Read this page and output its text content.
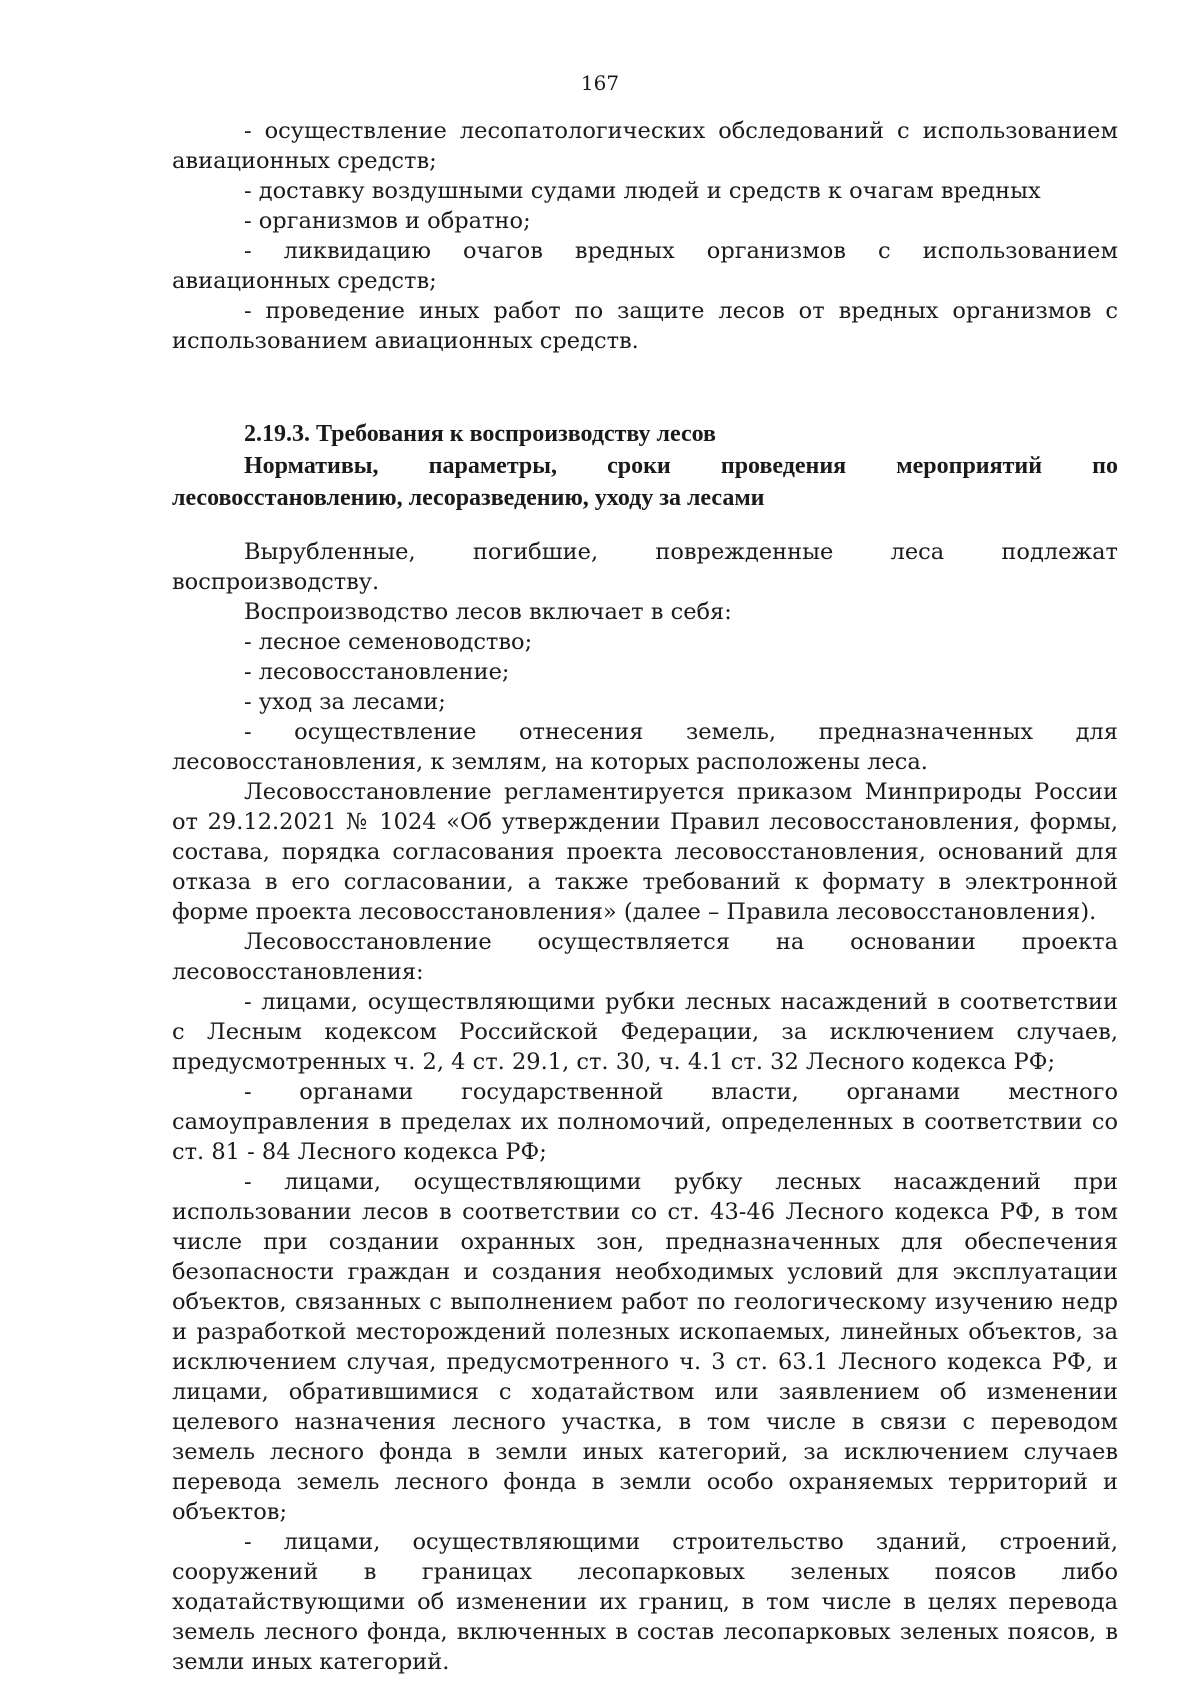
167

- осуществление лесопатологических обследований с использованием авиационных средств;

- доставку воздушными судами людей и средств к очагам вредных

- организмов и обратно;

- ликвидацию очагов вредных организмов с использованием авиационных средств;

- проведение иных работ по защите лесов от вредных организмов с использованием авиационных средств.

2.19.3. Требования к воспроизводству лесов

Нормативы, параметры, сроки проведения мероприятий по лесовосстановлению, лесоразведению, уходу за лесами

Вырубленные, погибшие, поврежденные леса подлежат воспроизводству.

Воспроизводство лесов включает в себя:

- лесное семеноводство;

- лесовосстановление;

- уход за лесами;

- осуществление отнесения земель, предназначенных для лесовосстановления, к землям, на которых расположены леса.

Лесовосстановление регламентируется приказом Минприроды России от 29.12.2021 № 1024 «Об утверждении Правил лесовосстановления, формы, состава, порядка согласования проекта лесовосстановления, оснований для отказа в его согласовании, а также требований к формату в электронной форме проекта лесовосстановления» (далее – Правила лесовосстановления).

Лесовосстановление осуществляется на основании проекта лесовосстановления:

- лицами, осуществляющими рубки лесных насаждений в соответствии с Лесным кодексом Российской Федерации, за исключением случаев, предусмотренных ч. 2, 4 ст. 29.1, ст. 30, ч. 4.1 ст. 32 Лесного кодекса РФ;

- органами государственной власти, органами местного самоуправления в пределах их полномочий, определенных в соответствии со ст. 81 - 84 Лесного кодекса РФ;

- лицами, осуществляющими рубку лесных насаждений при использовании лесов в соответствии со ст. 43-46 Лесного кодекса РФ, в том числе при создании охранных зон, предназначенных для обеспечения безопасности граждан и создания необходимых условий для эксплуатации объектов, связанных с выполнением работ по геологическому изучению недр и разработкой месторождений полезных ископаемых, линейных объектов, за исключением случая, предусмотренного ч. 3 ст. 63.1 Лесного кодекса РФ, и лицами, обратившимися с ходатайством или заявлением об изменении целевого назначения лесного участка, в том числе в связи с переводом земель лесного фонда в земли иных категорий, за исключением случаев перевода земель лесного фонда в земли особо охраняемых территорий и объектов;

- лицами, осуществляющими строительство зданий, строений, сооружений в границах лесопарковых зеленых поясов либо ходатайствующими об изменении их границ, в том числе в целях перевода земель лесного фонда, включенных в состав лесопарковых зеленых поясов, в земли иных категорий.
